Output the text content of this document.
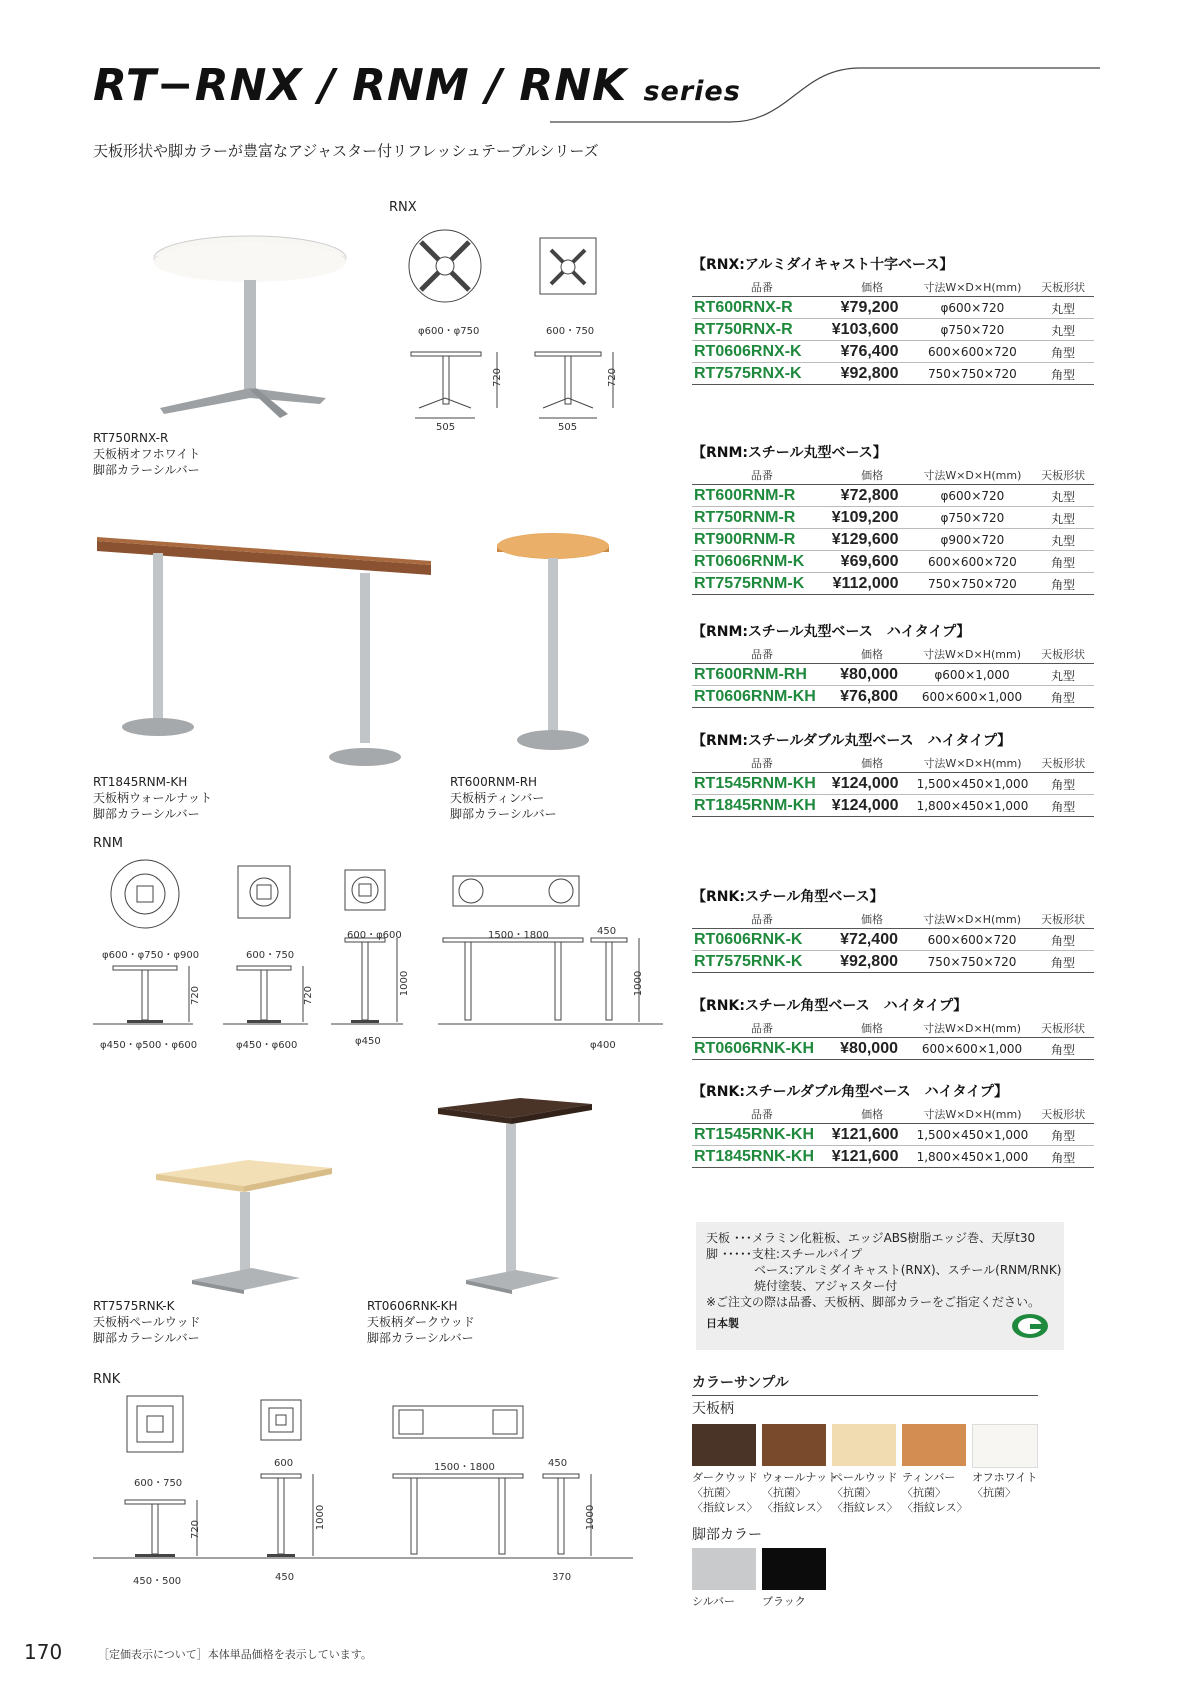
RT−RNX / RNM / RNK series
天板形状や脚カラーが豊富なアジャスター付リフレッシュテーブルシリーズ
RNX
RNM
RNK
RT750RNX-R
天板柄オフホワイト
脚部カラーシルバー
φ600・φ750	600・750
720	720
505	505
RT1845RNM-KH
天板柄ウォールナット
脚部カラーシルバー
RT600RNM-RH
天板柄ティンバー
脚部カラーシルバー
φ600・φ750・φ900	600・750
600・φ600	1500・1800	450
720	720	1000	1000
φ450・φ500・φ600	φ450・φ600	φ450	φ400
RT7575RNK-K
天板柄ペールウッド
脚部カラーシルバー
RT0606RNK-KH
天板柄ダークウッド
脚部カラーシルバー
600・750
600	1500・1800	450
720	1000	1000
450・500	450	370
【RNX:アルミダイキャスト十字ベース】
品番	価格	寸法W×D×H(mm)	天板形状
RT600RNX-R	¥79,200	φ600×720	丸型
RT750RNX-R	¥103,600	φ750×720	丸型
RT0606RNX-K	¥76,400	600×600×720	角型
RT7575RNX-K	¥92,800	750×750×720	角型
【RNM:スチール丸型ベース】
品番	価格	寸法W×D×H(mm)	天板形状
RT600RNM-R	¥72,800	φ600×720	丸型
RT750RNM-R	¥109,200	φ750×720	丸型
RT900RNM-R	¥129,600	φ900×720	丸型
RT0606RNM-K	¥69,600	600×600×720	角型
RT7575RNM-K	¥112,000	750×750×720	角型
【RNM:スチール丸型ベース　ハイタイプ】
品番	価格	寸法W×D×H(mm)	天板形状
RT600RNM-RH	¥80,000	φ600×1,000	丸型
RT0606RNM-KH	¥76,800	600×600×1,000	角型
【RNM:スチールダブル丸型ベース　ハイタイプ】
品番	価格	寸法W×D×H(mm)	天板形状
RT1545RNM-KH	¥124,000	1,500×450×1,000	角型
RT1845RNM-KH	¥124,000	1,800×450×1,000	角型
【RNK:スチール角型ベース】
品番	価格	寸法W×D×H(mm)	天板形状
RT0606RNK-K	¥72,400	600×600×720	角型
RT7575RNK-K	¥92,800	750×750×720	角型
【RNK:スチール角型ベース　ハイタイプ】
品番	価格	寸法W×D×H(mm)	天板形状
RT0606RNK-KH	¥80,000	600×600×1,000	角型
【RNK:スチールダブル角型ベース　ハイタイプ】
品番	価格	寸法W×D×H(mm)	天板形状
RT1545RNK-KH	¥121,600	1,500×450×1,000	角型
RT1845RNK-KH	¥121,600	1,800×450×1,000	角型
天板 ･･･メラミン化粧板、エッジABS樹脂エッジ巻、天厚t30
脚 ･････支柱:スチールパイプ
　　　　ベース:アルミダイキャスト(RNX)、スチール(RNM/RNK)
　　　　焼付塗装、アジャスター付
※ご注文の際は品番、天板柄、脚部カラーをご指定ください。
日本製
カラーサンプル
天板柄
ダークウッド
〈抗菌〉
〈指紋レス〉
ウォールナット
〈抗菌〉
〈指紋レス〉
ペールウッド
〈抗菌〉
〈指紋レス〉
ティンバー
〈抗菌〉
〈指紋レス〉
オフホワイト
〈抗菌〉
脚部カラー
シルバー ブラック
170	［定価表示について］本体単品価格を表示しています。
